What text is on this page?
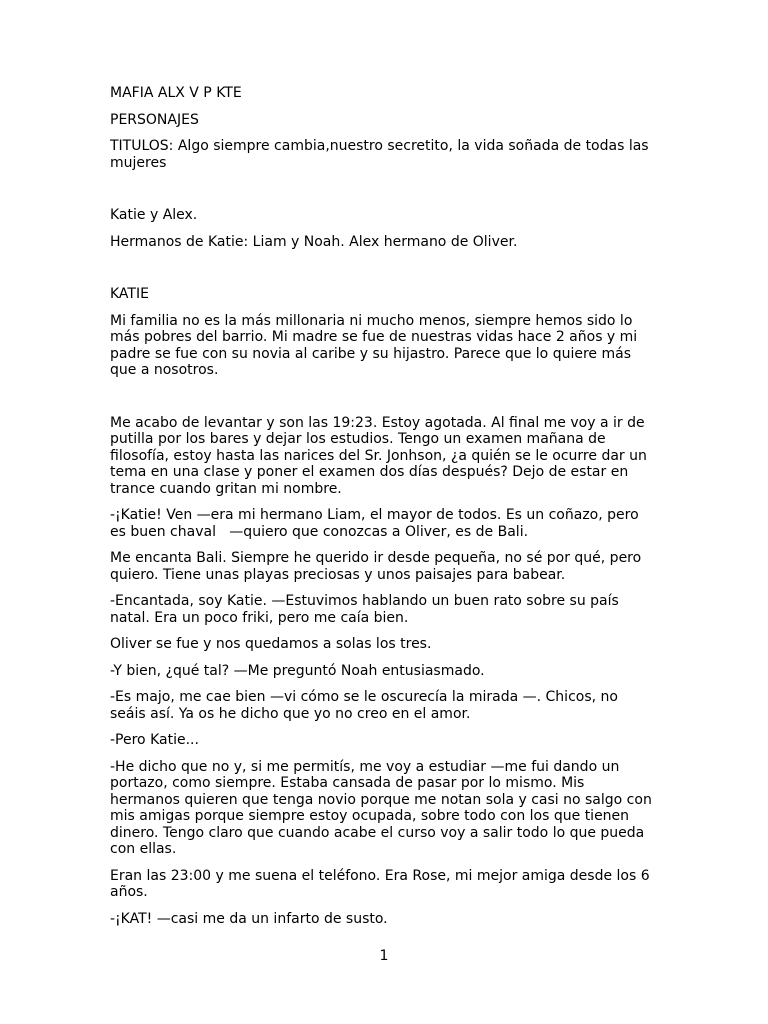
MAFIA ALX V P KTE

PERSONAJES

TITULOS: Algo siempre cambia,nuestro secretito, la vida soñada de todas las mujeres

Katie y Alex.

Hermanos de Katie: Liam y Noah. Alex hermano de Oliver.

KATIE

Mi familia no es la más millonaria ni mucho menos, siempre hemos sido lo más pobres del barrio. Mi madre se fue de nuestras vidas hace 2 años y mi padre se fue con su novia al caribe y su hijastro. Parece que lo quiere más que a nosotros.

Me acabo de levantar y son las 19:23. Estoy agotada. Al final me voy a ir de putilla por los bares y dejar los estudios. Tengo un examen mañana de filosofía, estoy hasta las narices del Sr. Jonhson, ¿a quién se le ocurre dar un tema en una clase y poner el examen dos días después? Dejo de estar en trance cuando gritan mi nombre.

-¡Katie! Ven —era mi hermano Liam, el mayor de todos. Es un coñazo, pero es buen chaval   —quiero que conozcas a Oliver, es de Bali.

Me encanta Bali. Siempre he querido ir desde pequeña, no sé por qué, pero quiero. Tiene unas playas preciosas y unos paisajes para babear.

-Encantada, soy Katie. —Estuvimos hablando un buen rato sobre su país natal. Era un poco friki, pero me caía bien.

Oliver se fue y nos quedamos a solas los tres.

-Y bien, ¿qué tal? —Me preguntó Noah entusiasmado.

-Es majo, me cae bien —vi cómo se le oscurecía la mirada —. Chicos, no seáis así. Ya os he dicho que yo no creo en el amor.

-Pero Katie...

-He dicho que no y, si me permitís, me voy a estudiar —me fui dando un portazo, como siempre. Estaba cansada de pasar por lo mismo. Mis hermanos quieren que tenga novio porque me notan sola y casi no salgo con mis amigas porque siempre estoy ocupada, sobre todo con los que tienen dinero. Tengo claro que cuando acabe el curso voy a salir todo lo que pueda con ellas.

Eran las 23:00 y me suena el teléfono. Era Rose, mi mejor amiga desde los 6 años.

-¡KAT! —casi me da un infarto de susto.

1
